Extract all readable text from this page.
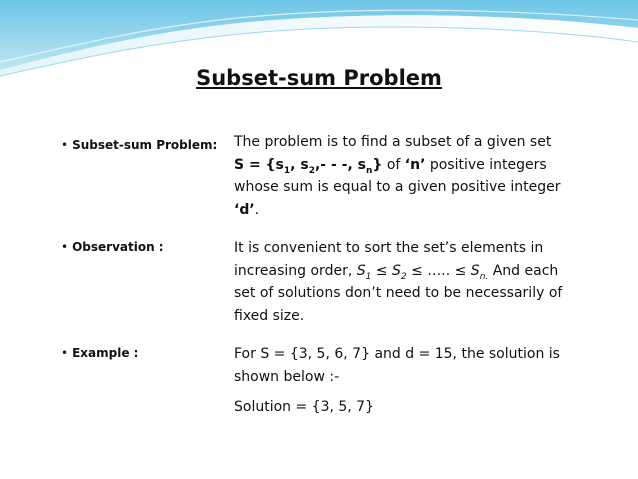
Subset-sum Problem
• Subset-sum Problem: The problem is to find a subset of a given set
$S = \{s_1$, $s_2,-$ - -, $s_n$} of ‘n’ positive integers
whose sum is equal to a given positive integer
‘d’.
• Observation :	It is convenient to sort the set’s elements in
increasing order, $S_1 \le S_2$ ≤ ….. ≤ $S_{n.}$ And each
set of solutions don’t need to be necessarily of
fixed size.
• Example :	For S = {3, 5, 6, 7} and d = 15, the solution is
shown below :-
Solution = {3, 5, 7}
